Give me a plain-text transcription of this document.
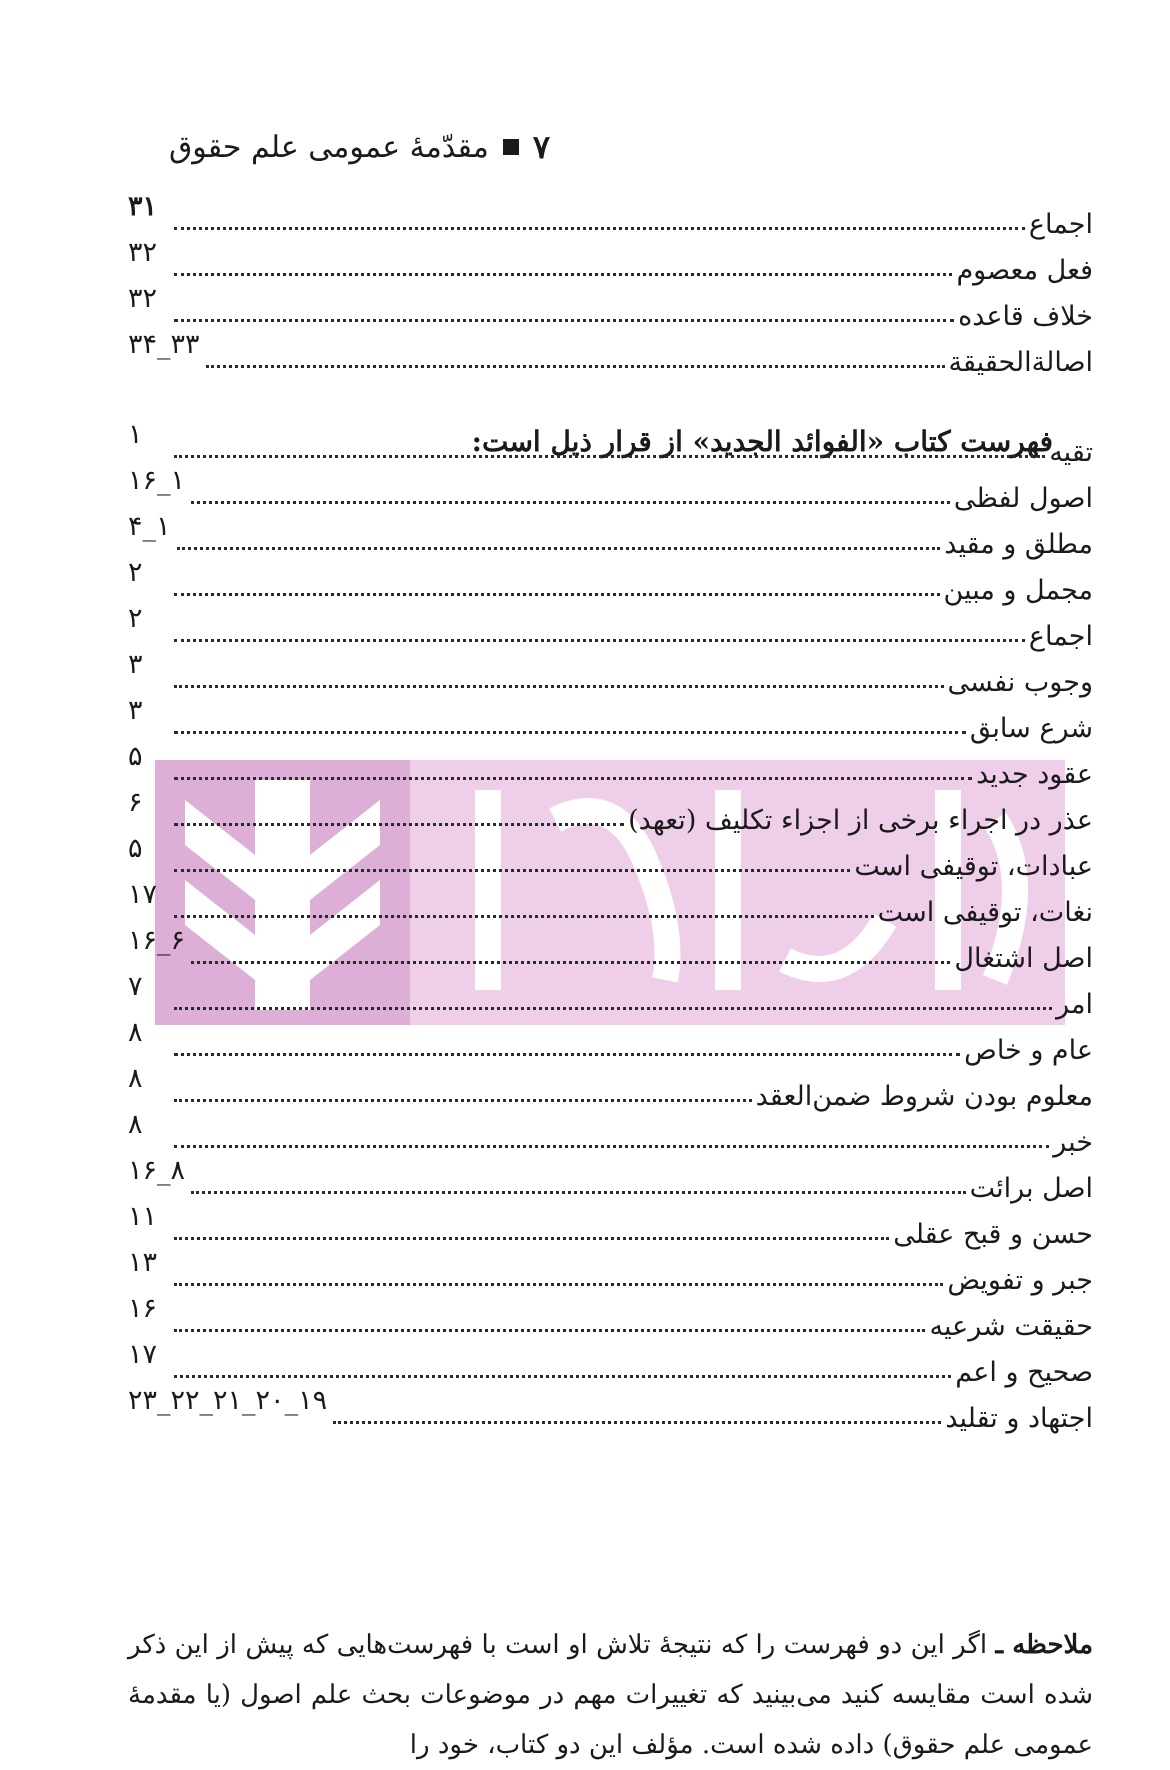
۷
مقدّمهٔ عمومی علم حقوق
اجماع
۳۱
فعل معصوم
۳۲
خلاف قاعده
۳۲
اصالةالحقیقة
۳۳_۳۴
فهرست کتاب «الفوائد الجدید» از قرار ذیل است:
تقیه
۱
اصول لفظی
۱_۱۶
مطلق و مقید
۱_۴
مجمل و مبین
۲
اجماع
۲
وجوب نفسی
۳
شرع سابق
۳
عقود جدید
۵
عذر در اجراء برخی از اجزاء تکلیف (تعهد)
۶
عبادات، توقیفی است
۵
نغات، توقیفی است
۱۷
اصل اشتغال
۶_۱۶
امر
۷
عام و خاص
۸
معلوم بودن شروط ضمن‌العقد
۸
خبر
۸
اصل برائت
۸_۱۶
حسن و قبح عقلی
۱۱
جبر و تفویض
۱۳
حقیقت شرعیه
۱۶
صحیح و اعم
۱۷
اجتهاد و تقلید
۱۹_۲۰_۲۱_۲۲_۲۳
ملاحظه ـ اگر این دو فهرست را که نتیجهٔ تلاش او است با فهرست‌هایی که پیش از این ذکر شده است مقایسه کنید می‌بینید که تغییرات مهم در موضوعات بحث علم اصول (یا مقدمهٔ عمومی علم حقوق) داده شده است. مؤلف این دو کتاب، خود را
